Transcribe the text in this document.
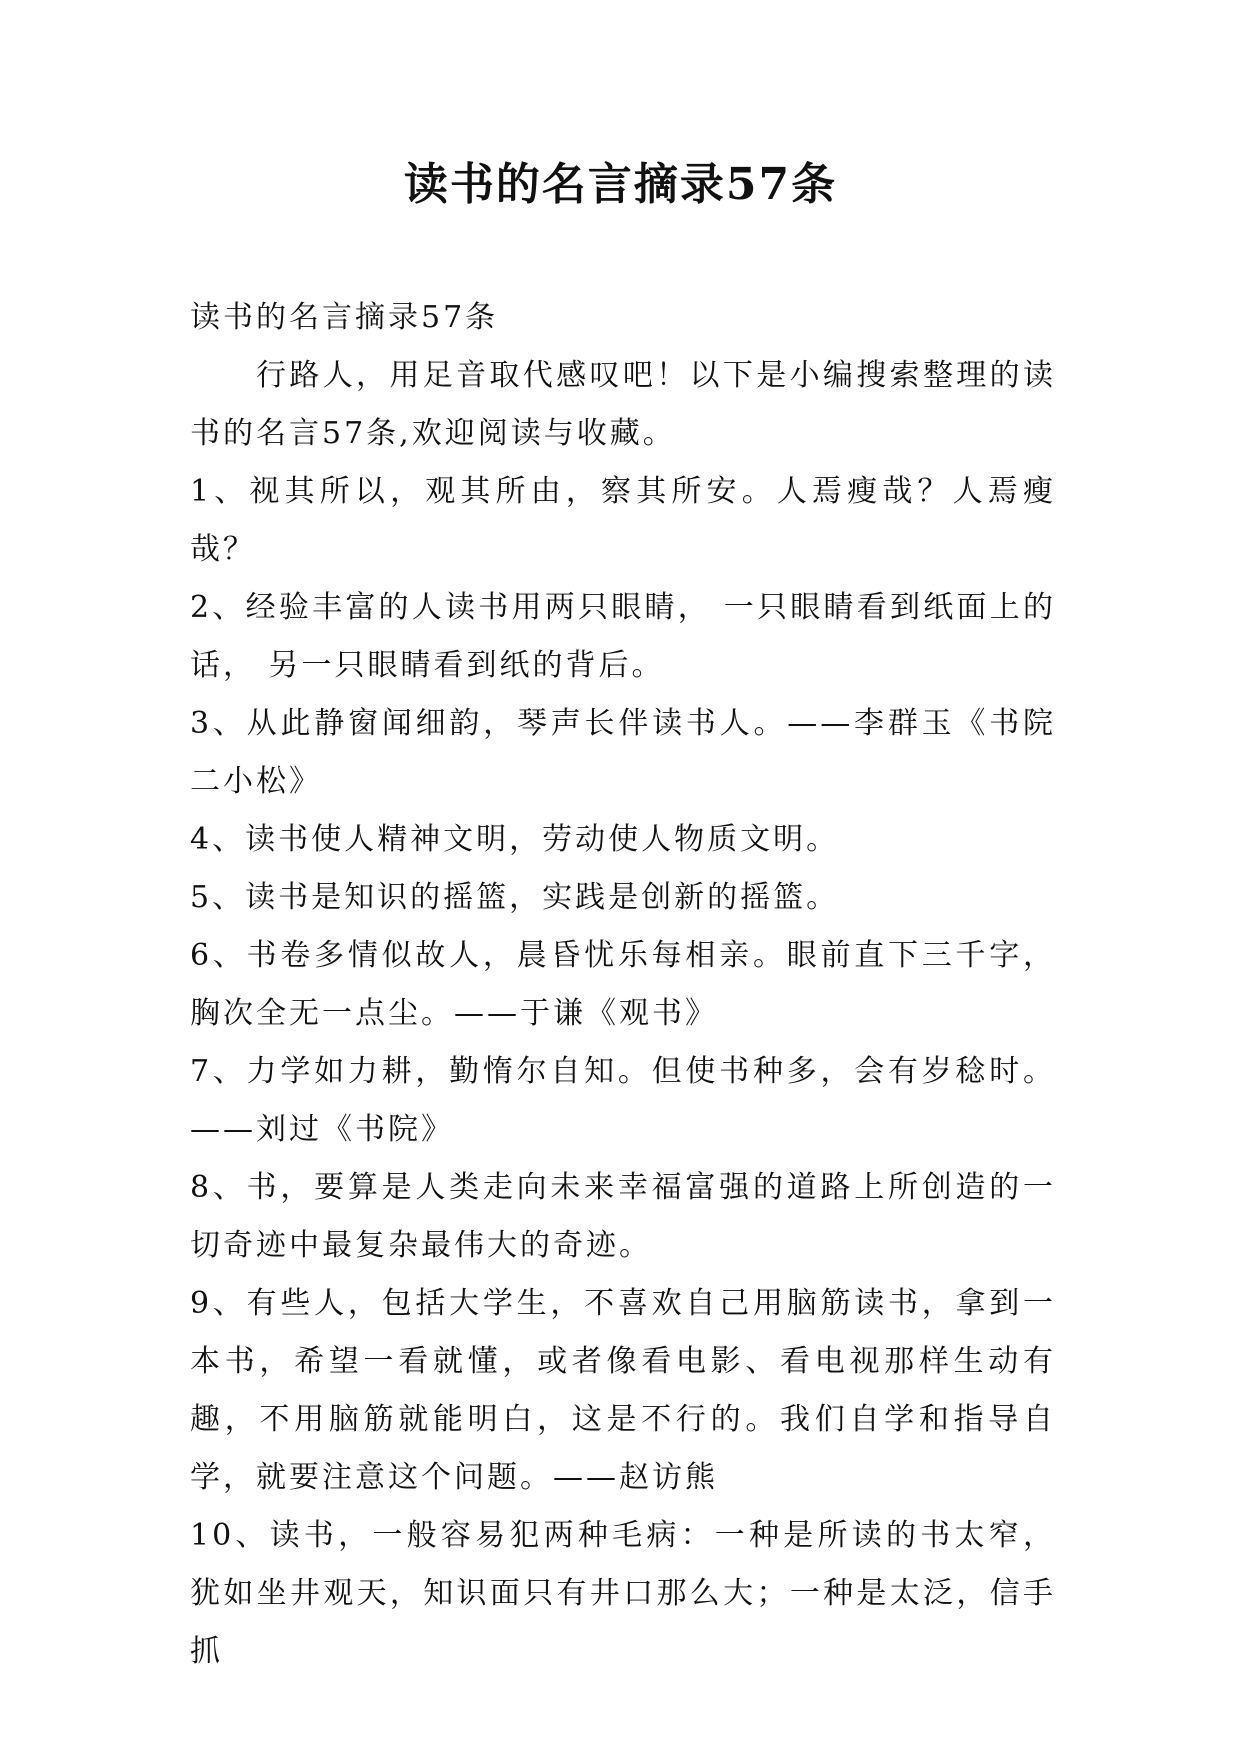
读书的名言摘录57条

读书的名言摘录57条

行路人，用足音取代感叹吧！以下是小编搜索整理的读书的名言57条,欢迎阅读与收藏。

1、视其所以，观其所由，察其所安。人焉瘦哉？人焉瘦哉？

2、经验丰富的人读书用两只眼睛， 一只眼睛看到纸面上的话， 另一只眼睛看到纸的背后。

3、从此静窗闻细韵，琴声长伴读书人。——李群玉《书院二小松》

4、读书使人精神文明，劳动使人物质文明。

5、读书是知识的摇篮，实践是创新的摇篮。

6、书卷多情似故人，晨昏忧乐每相亲。眼前直下三千字，胸次全无一点尘。——于谦《观书》

7、力学如力耕，勤惰尔自知。但使书种多，会有岁稔时。——刘过《书院》

8、书，要算是人类走向未来幸福富强的道路上所创造的一切奇迹中最复杂最伟大的奇迹。

9、有些人，包括大学生，不喜欢自己用脑筋读书，拿到一本书，希望一看就懂，或者像看电影、看电视那样生动有趣，不用脑筋就能明白，这是不行的。我们自学和指导自学，就要注意这个问题。——赵访熊

10、读书，一般容易犯两种毛病：一种是所读的书太窄，犹如坐井观天，知识面只有井口那么大；一种是太泛，信手抓
